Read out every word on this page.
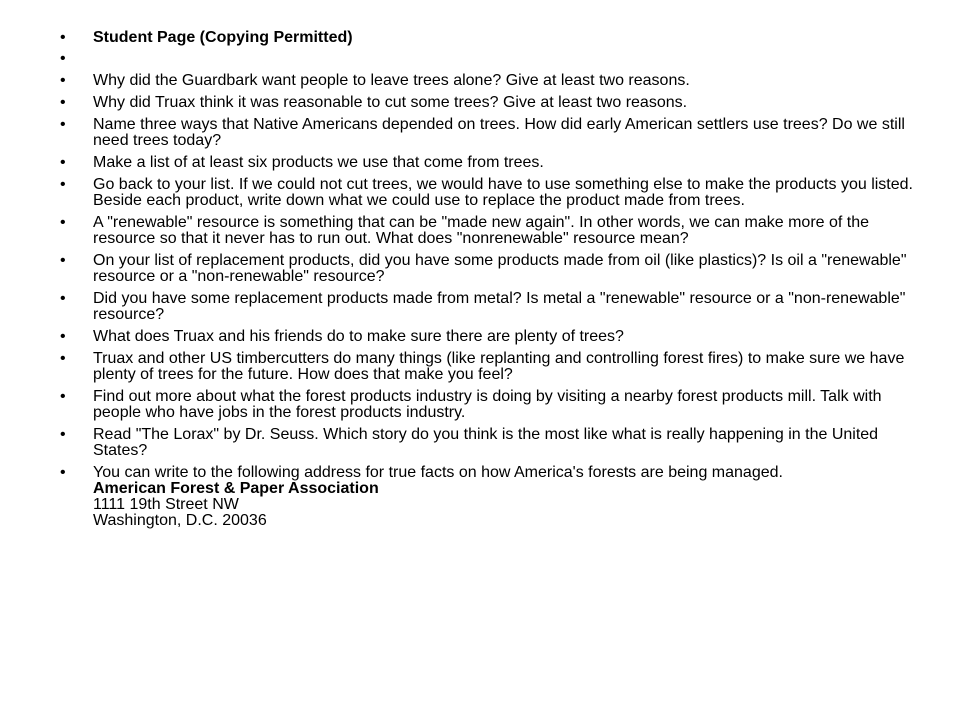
• Student Page (Copying Permitted)
•
• Why did the Guardbark want people to leave trees alone? Give at least two reasons.
• Why did Truax think it was reasonable to cut some trees? Give at least two reasons.
• Name three ways that Native Americans depended on trees. How did early American settlers use trees? Do we still need trees today?
• Make a list of at least six products we use that come from trees.
• Go back to your list. If we could not cut trees, we would have to use something else to make the products you listed. Beside each product, write down what we could use to replace the product made from trees.
• A "renewable" resource is something that can be "made new again". In other words, we can make more of the resource so that it never has to run out. What does "nonrenewable" resource mean?
• On your list of replacement products, did you have some products made from oil (like plastics)? Is oil a "renewable" resource or a "non-renewable" resource?
• Did you have some replacement products made from metal? Is metal a "renewable" resource or a "non-renewable" resource?
• What does Truax and his friends do to make sure there are plenty of trees?
• Truax and other US timbercutters do many things (like replanting and controlling forest fires) to make sure we have plenty of trees for the future. How does that make you feel?
• Find out more about what the forest products industry is doing by visiting a nearby forest products mill. Talk with people who have jobs in the forest products industry.
• Read "The Lorax" by Dr. Seuss. Which story do you think is the most like what is really happening in the United States?
• You can write to the following address for true facts on how America's forests are being managed.
American Forest & Paper Association
1111 19th Street NW
Washington, D.C. 20036
